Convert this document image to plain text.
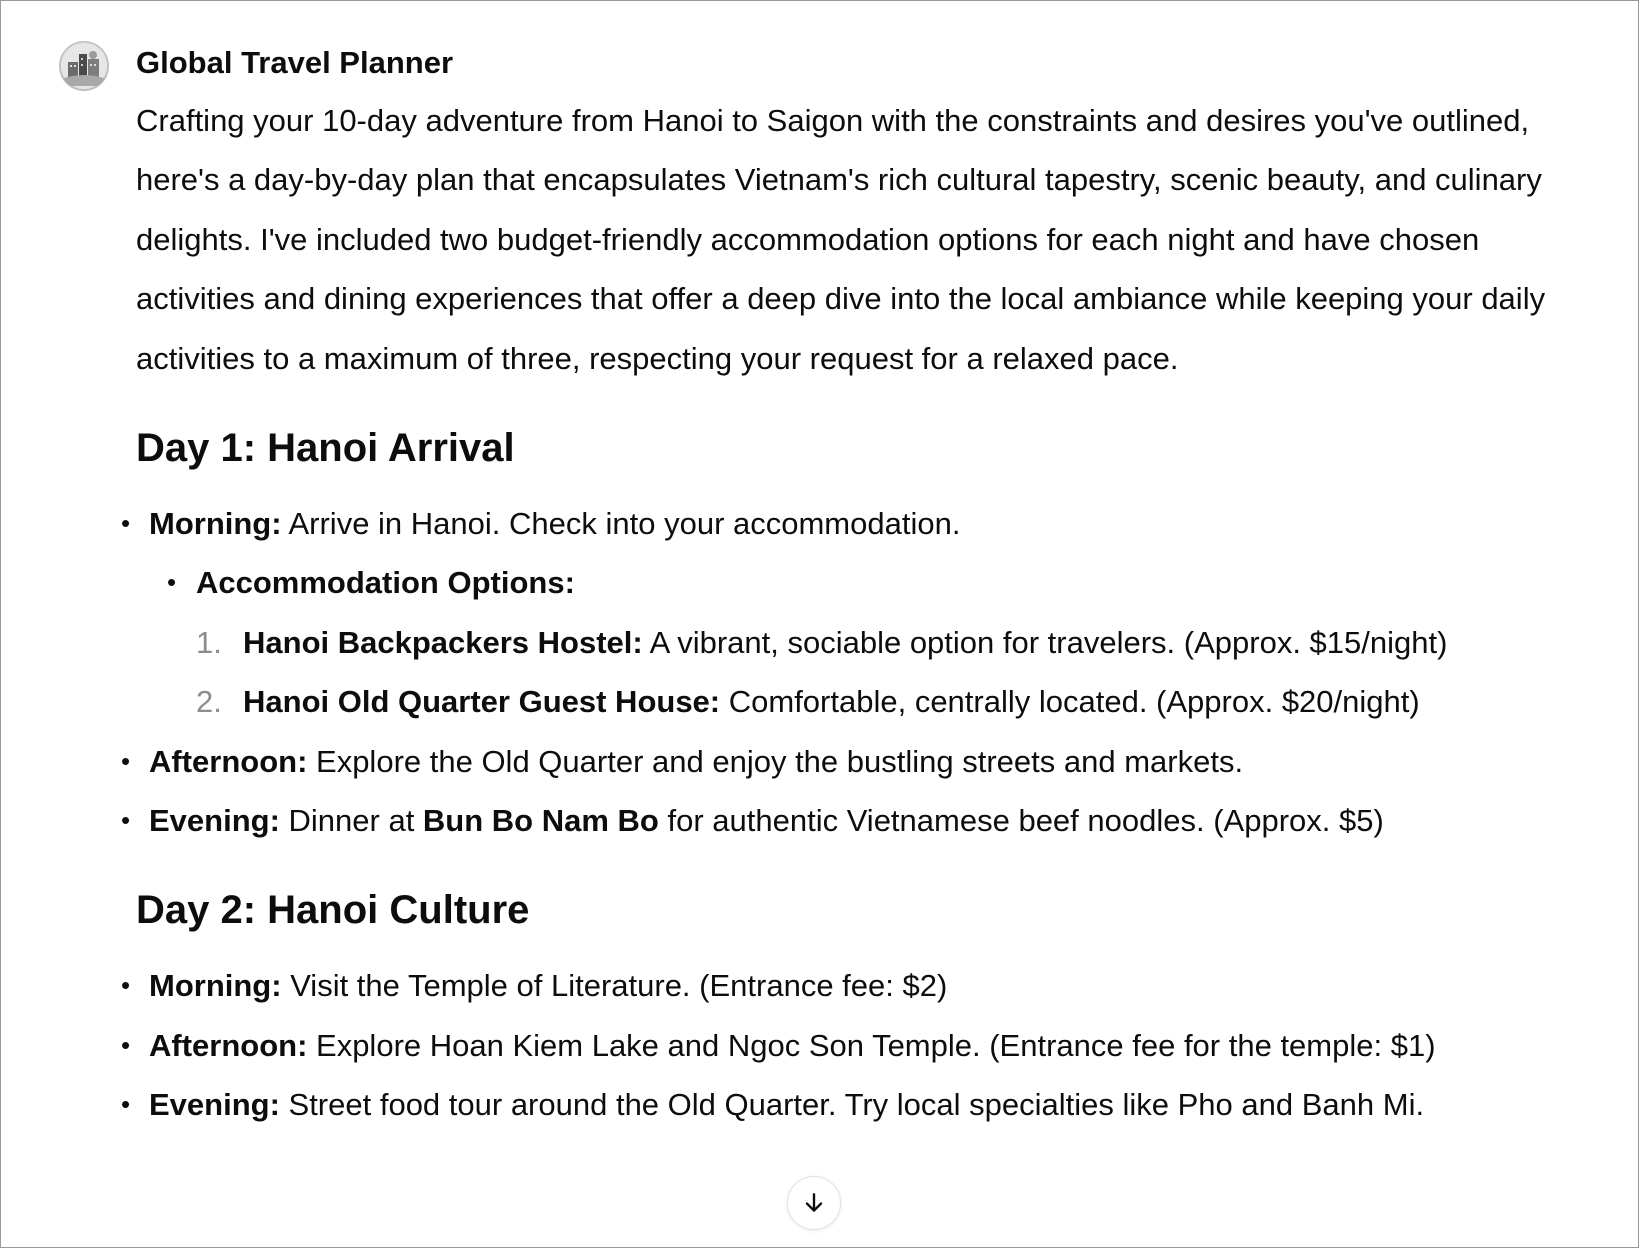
Global Travel Planner

Crafting your 10-day adventure from Hanoi to Saigon with the constraints and desires you've outlined, here's a day-by-day plan that encapsulates Vietnam's rich cultural tapestry, scenic beauty, and culinary delights. I've included two budget-friendly accommodation options for each night and have chosen activities and dining experiences that offer a deep dive into the local ambiance while keeping your daily activities to a maximum of three, respecting your request for a relaxed pace.

Day 1: Hanoi Arrival
• Morning: Arrive in Hanoi. Check into your accommodation.
• Accommodation Options:
1. Hanoi Backpackers Hostel: A vibrant, sociable option for travelers. (Approx. $15/night)
2. Hanoi Old Quarter Guest House: Comfortable, centrally located. (Approx. $20/night)
• Afternoon: Explore the Old Quarter and enjoy the bustling streets and markets.
• Evening: Dinner at Bun Bo Nam Bo for authentic Vietnamese beef noodles. (Approx. $5)
Day 2: Hanoi Culture
• Morning: Visit the Temple of Literature. (Entrance fee: $2)
• Afternoon: Explore Hoan Kiem Lake and Ngoc Son Temple. (Entrance fee for the temple: $1)
• Evening: Street food tour around the Old Quarter. Try local specialties like Pho and Banh Mi.
